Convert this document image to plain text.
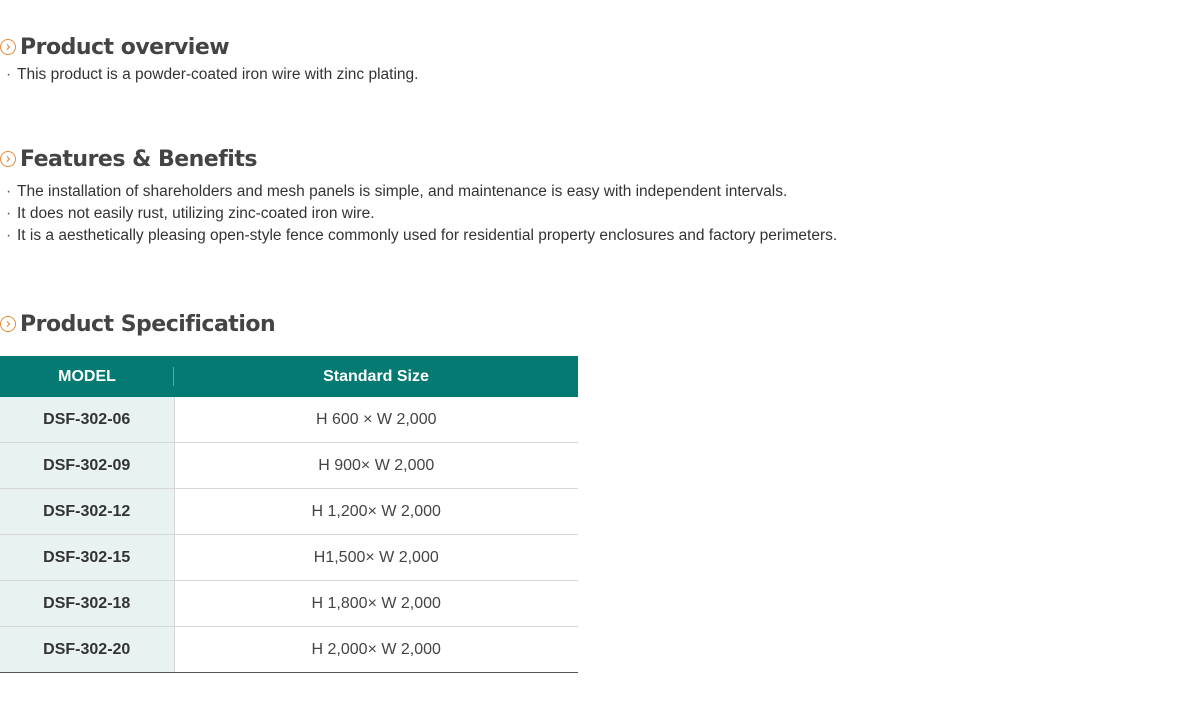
Product overview
· This product is a powder-coated iron wire with zinc plating.
Features & Benefits
· The installation of shareholders and mesh panels is simple, and maintenance is easy with independent intervals.
· It does not easily rust, utilizing zinc-coated iron wire.
· It is a aesthetically pleasing open-style fence commonly used for residential property enclosures and factory perimeters.
Product Specification
MODEL	Standard Size
DSF-302-06	H 600 × W 2,000
DSF-302-09	H 900× W 2,000
DSF-302-12	H 1,200× W 2,000
DSF-302-15	H1,500× W 2,000
DSF-302-18	H 1,800× W 2,000
DSF-302-20	H 2,000× W 2,000
